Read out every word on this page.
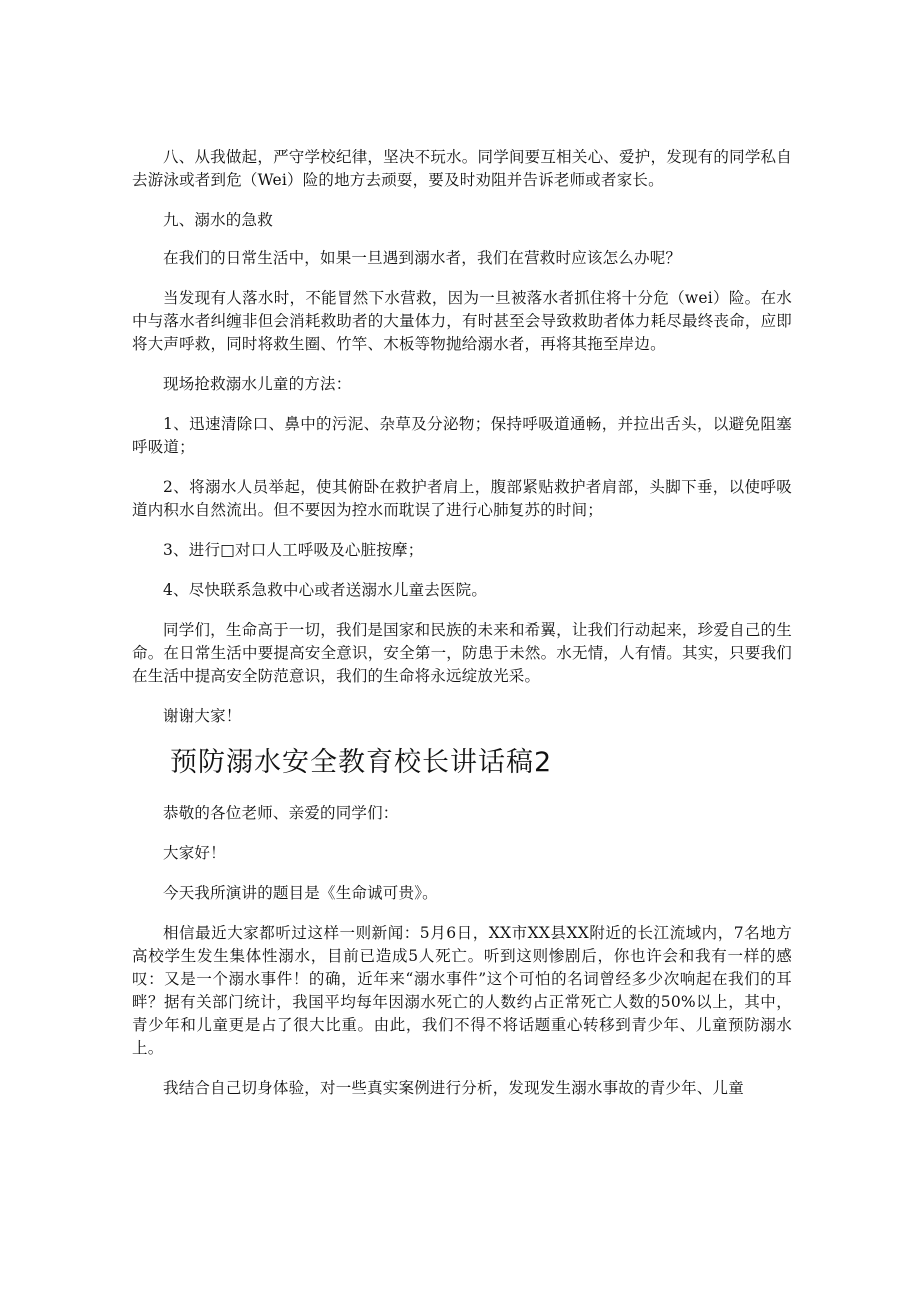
八、从我做起，严守学校纪律，坚决不玩水。同学间要互相关心、爱护，发现有的同学私自去游泳或者到危（Wei）险的地方去顽耍，要及时劝阻并告诉老师或者家长。

九、溺水的急救

在我们的日常生活中，如果一旦遇到溺水者，我们在营救时应该怎么办呢？

当发现有人落水时，不能冒然下水营救，因为一旦被落水者抓住将十分危（wei）险。在水中与落水者纠缠非但会消耗救助者的大量体力，有时甚至会导致救助者体力耗尽最终丧命，应即将大声呼救，同时将救生圈、竹竿、木板等物抛给溺水者，再将其拖至岸边。

现场抢救溺水儿童的方法：

1、迅速清除口、鼻中的污泥、杂草及分泌物；保持呼吸道通畅，并拉出舌头，以避免阻塞呼吸道；

2、将溺水人员举起，使其俯卧在救护者肩上，腹部紧贴救护者肩部，头脚下垂，以使呼吸道内积水自然流出。但不要因为控水而耽误了进行心肺复苏的时间；

3、进行□对口人工呼吸及心脏按摩；

4、尽快联系急救中心或者送溺水儿童去医院。

同学们，生命高于一切，我们是国家和民族的未来和希翼，让我们行动起来，珍爱自己的生命。在日常生活中要提高安全意识，安全第一，防患于未然。水无情，人有情。其实，只要我们在生活中提高安全防范意识，我们的生命将永远绽放光采。

谢谢大家！

预防溺水安全教育校长讲话稿2

恭敬的各位老师、亲爱的同学们：

大家好！

今天我所演讲的题目是《生命诚可贵》。

相信最近大家都听过这样一则新闻：5月6日，XX市XX县XX附近的长江流域内，7名地方高校学生发生集体性溺水，目前已造成5人死亡。听到这则惨剧后，你也许会和我有一样的感叹：又是一个溺水事件！的确，近年来“溺水事件”这个可怕的名词曾经多少次响起在我们的耳畔？据有关部门统计，我国平均每年因溺水死亡的人数约占正常死亡人数的50%以上，其中，青少年和儿童更是占了很大比重。由此，我们不得不将话题重心转移到青少年、儿童预防溺水上。

我结合自己切身体验，对一些真实案例进行分析，发现发生溺水事故的青少年、儿童
